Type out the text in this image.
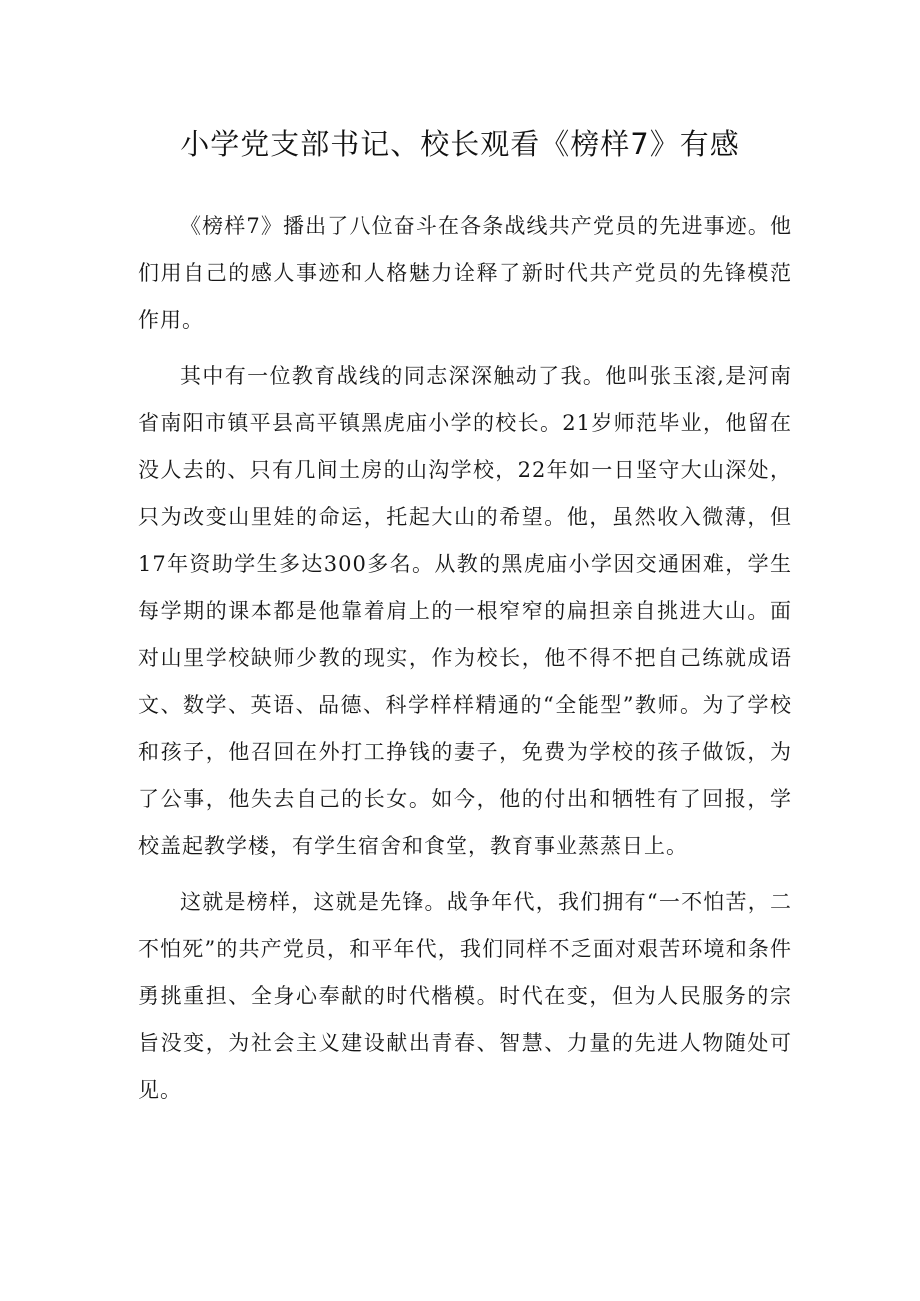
小学党支部书记、校长观看《榜样7》有感

《榜样7》播出了八位奋斗在各条战线共产党员的先进事迹。他们用自己的感人事迹和人格魅力诠释了新时代共产党员的先锋模范作用。

其中有一位教育战线的同志深深触动了我。他叫张玉滚,是河南省南阳市镇平县高平镇黑虎庙小学的校长。21岁师范毕业，他留在没人去的、只有几间土房的山沟学校，22年如一日坚守大山深处，只为改变山里娃的命运，托起大山的希望。他，虽然收入微薄，但17年资助学生多达300多名。从教的黑虎庙小学因交通困难，学生每学期的课本都是他靠着肩上的一根窄窄的扁担亲自挑进大山。面对山里学校缺师少教的现实，作为校长，他不得不把自己练就成语文、数学、英语、品德、科学样样精通的“全能型”教师。为了学校和孩子，他召回在外打工挣钱的妻子，免费为学校的孩子做饭，为了公事，他失去自己的长女。如今，他的付出和牺牲有了回报，学校盖起教学楼，有学生宿舍和食堂，教育事业蒸蒸日上。

这就是榜样，这就是先锋。战争年代，我们拥有“一不怕苦，二不怕死”的共产党员，和平年代，我们同样不乏面对艰苦环境和条件勇挑重担、全身心奉献的时代楷模。时代在变，但为人民服务的宗旨没变，为社会主义建设献出青春、智慧、力量的先进人物随处可见。
